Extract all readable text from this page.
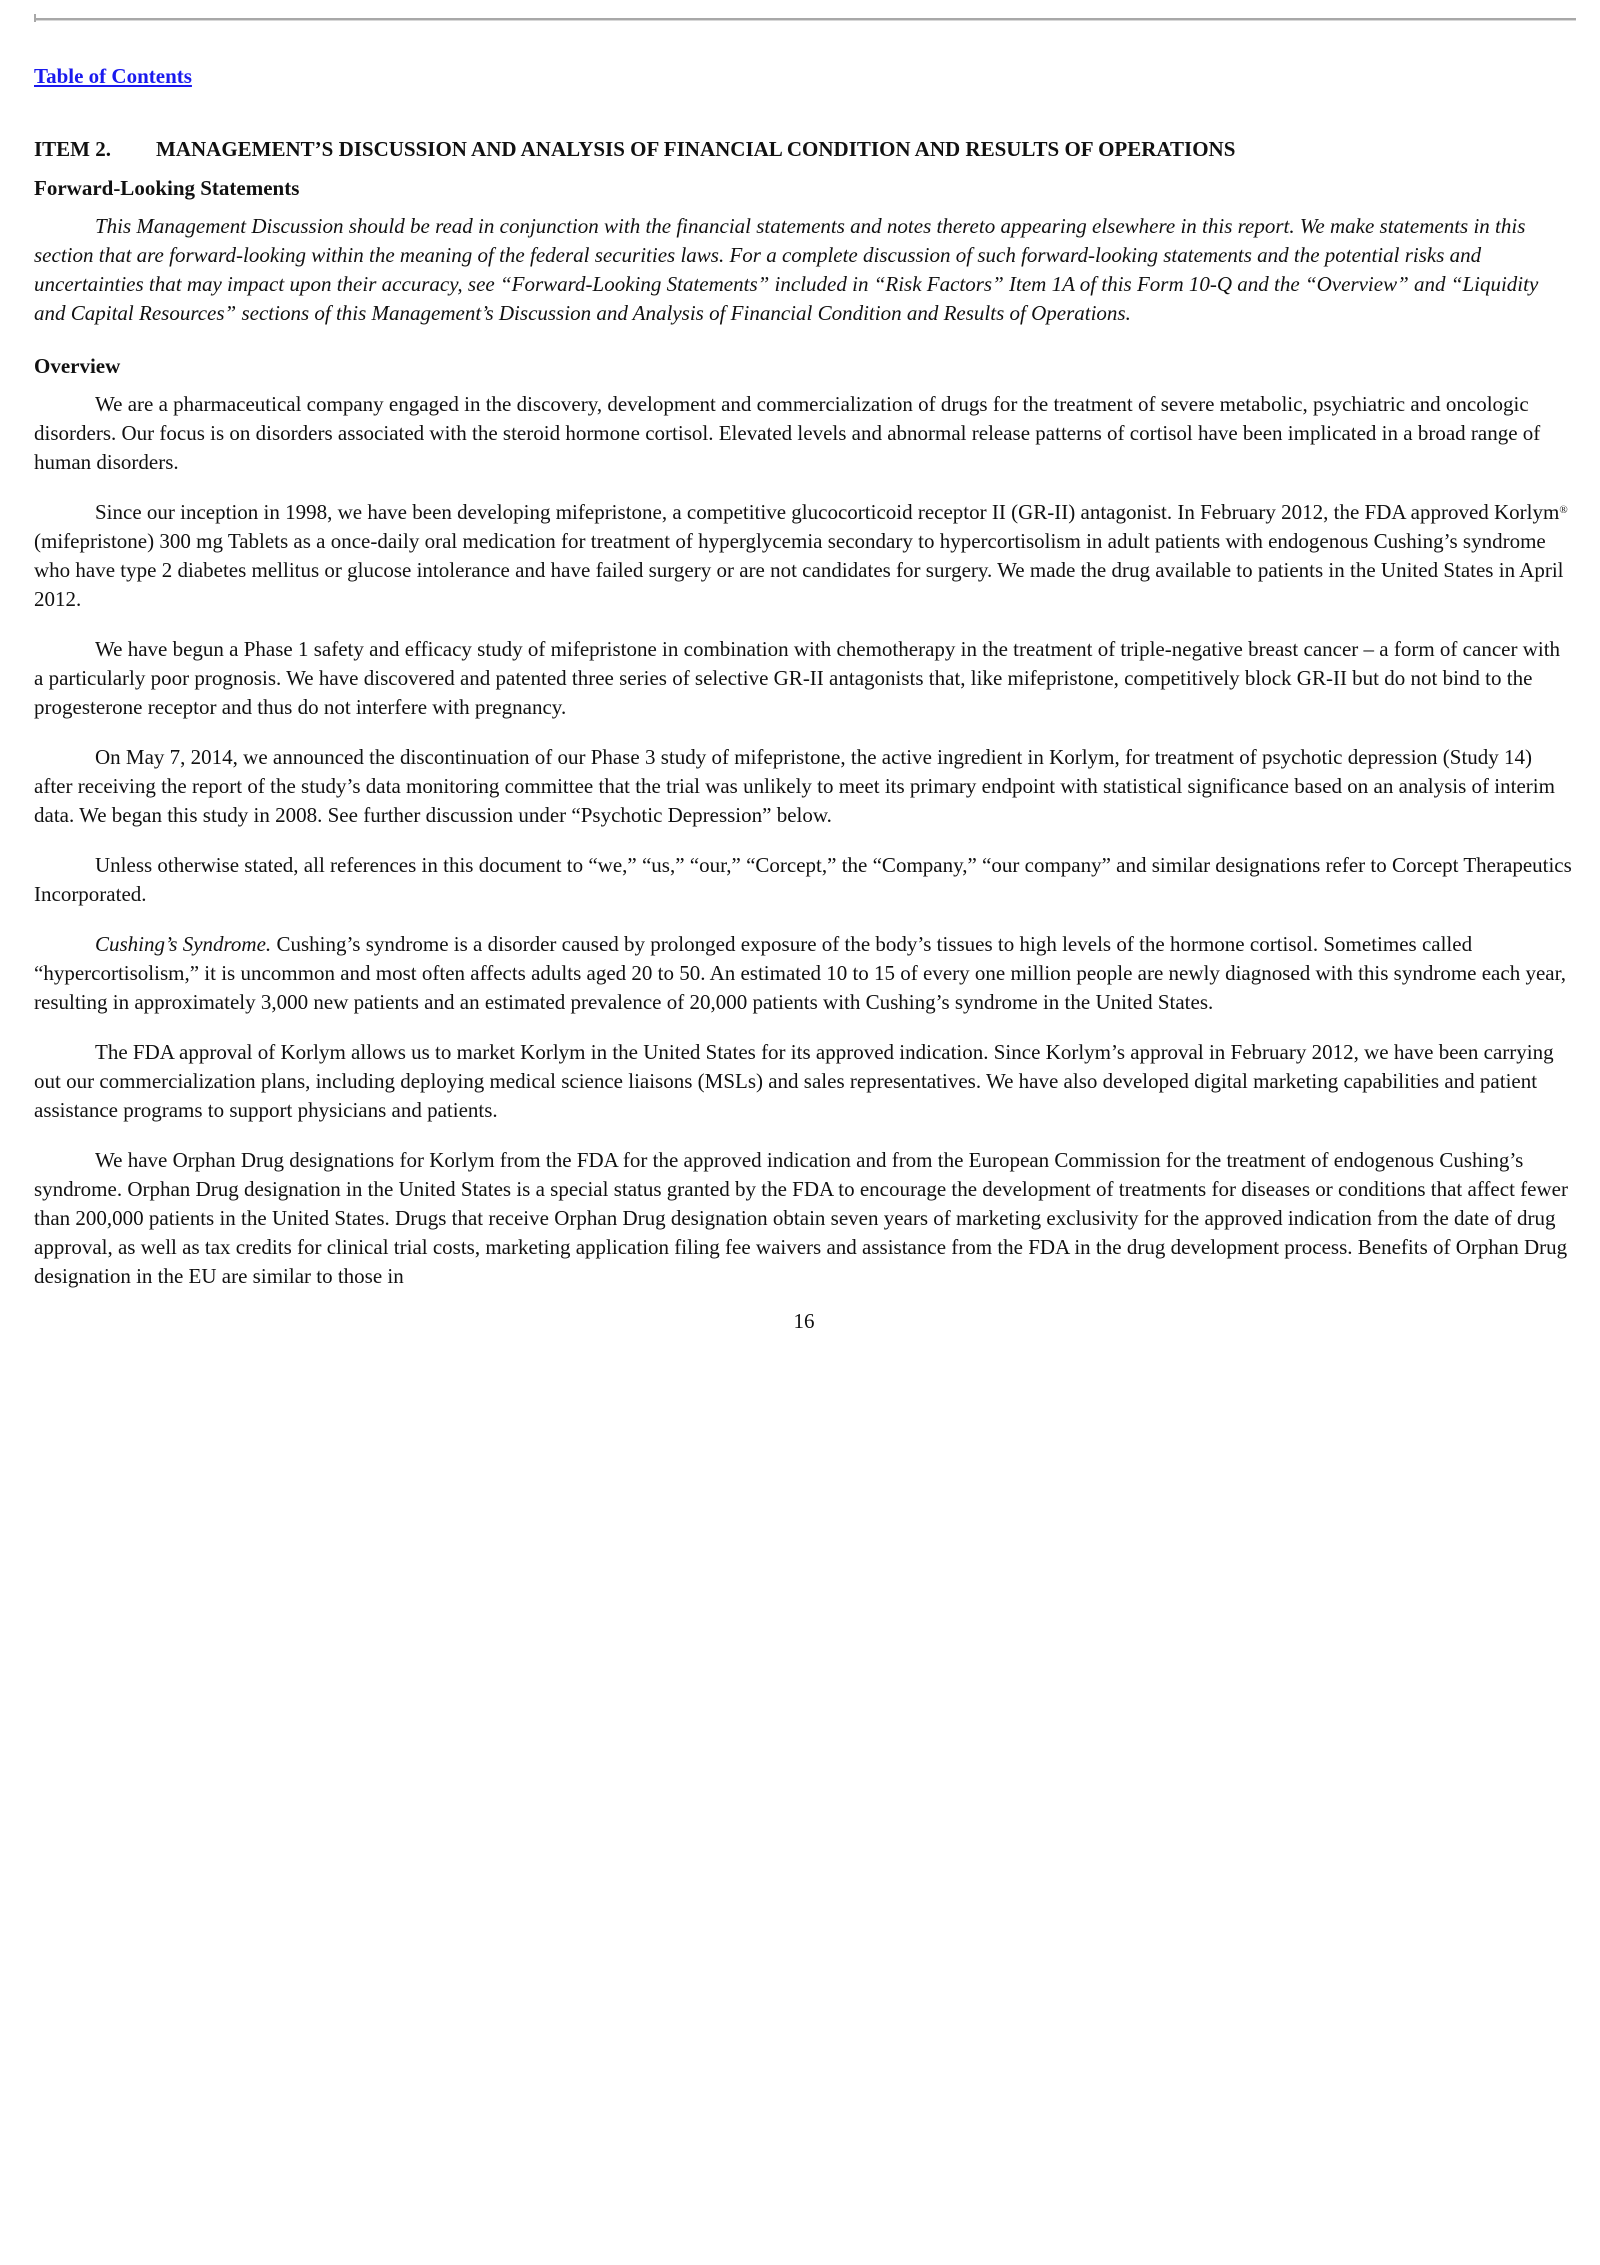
Table of Contents
ITEM 2.	MANAGEMENT’S DISCUSSION AND ANALYSIS OF FINANCIAL CONDITION AND RESULTS OF OPERATIONS
Forward-Looking Statements

This Management Discussion should be read in conjunction with the financial statements and notes thereto appearing elsewhere in this report. We make statements in this section that are forward-looking within the meaning of the federal securities laws. For a complete discussion of such forward-looking statements and the potential risks and uncertainties that may impact upon their accuracy, see “Forward-Looking Statements” included in “Risk Factors” Item 1A of this Form 10-Q and the “Overview” and “Liquidity and Capital Resources” sections of this Management’s Discussion and Analysis of Financial Condition and Results of Operations.

Overview

We are a pharmaceutical company engaged in the discovery, development and commercialization of drugs for the treatment of severe metabolic, psychiatric and oncologic disorders. Our focus is on disorders associated with the steroid hormone cortisol. Elevated levels and abnormal release patterns of cortisol have been implicated in a broad range of human disorders.

Since our inception in 1998, we have been developing mifepristone, a competitive glucocorticoid receptor II (GR-II) antagonist. In February 2012, the FDA approved Korlym® (mifepristone) 300 mg Tablets as a once-daily oral medication for treatment of hyperglycemia secondary to hypercortisolism in adult patients with endogenous Cushing’s syndrome who have type 2 diabetes mellitus or glucose intolerance and have failed surgery or are not candidates for surgery. We made the drug available to patients in the United States in April 2012.

We have begun a Phase 1 safety and efficacy study of mifepristone in combination with chemotherapy in the treatment of triple-negative breast cancer – a form of cancer with a particularly poor prognosis. We have discovered and patented three series of selective GR-II antagonists that, like mifepristone, competitively block GR-II but do not bind to the progesterone receptor and thus do not interfere with pregnancy.

On May 7, 2014, we announced the discontinuation of our Phase 3 study of mifepristone, the active ingredient in Korlym, for treatment of psychotic depression (Study 14) after receiving the report of the study’s data monitoring committee that the trial was unlikely to meet its primary endpoint with statistical significance based on an analysis of interim data. We began this study in 2008. See further discussion under “Psychotic Depression” below.

Unless otherwise stated, all references in this document to “we,” “us,” “our,” “Corcept,” the “Company,” “our company” and similar designations refer to Corcept Therapeutics Incorporated.

Cushing’s Syndrome. Cushing’s syndrome is a disorder caused by prolonged exposure of the body’s tissues to high levels of the hormone cortisol. Sometimes called “hypercortisolism,” it is uncommon and most often affects adults aged 20 to 50. An estimated 10 to 15 of every one million people are newly diagnosed with this syndrome each year, resulting in approximately 3,000 new patients and an estimated prevalence of 20,000 patients with Cushing’s syndrome in the United States.

The FDA approval of Korlym allows us to market Korlym in the United States for its approved indication. Since Korlym’s approval in February 2012, we have been carrying out our commercialization plans, including deploying medical science liaisons (MSLs) and sales representatives. We have also developed digital marketing capabilities and patient assistance programs to support physicians and patients.

We have Orphan Drug designations for Korlym from the FDA for the approved indication and from the European Commission for the treatment of endogenous Cushing’s syndrome. Orphan Drug designation in the United States is a special status granted by the FDA to encourage the development of treatments for diseases or conditions that affect fewer than 200,000 patients in the United States. Drugs that receive Orphan Drug designation obtain seven years of marketing exclusivity for the approved indication from the date of drug approval, as well as tax credits for clinical trial costs, marketing application filing fee waivers and assistance from the FDA in the drug development process. Benefits of Orphan Drug designation in the EU are similar to those in

16
